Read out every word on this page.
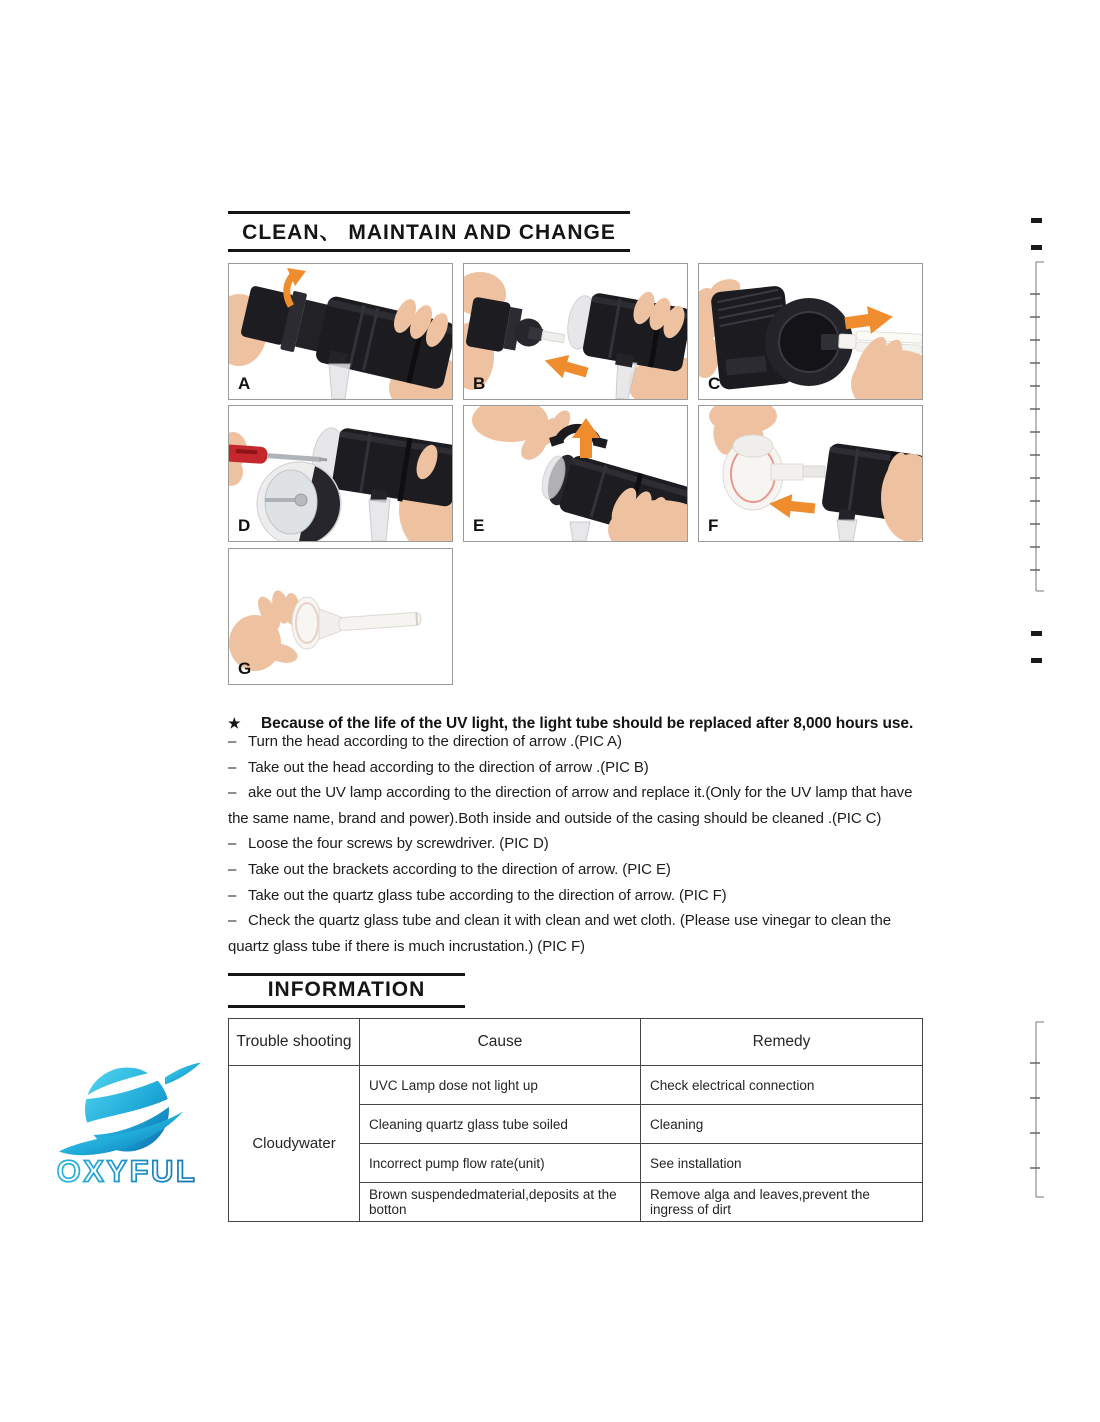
CLEAN、 MAINTAIN AND CHANGE
A	B	C
D	E	F
G

★ Because of the life of the UV light, the light tube should be replaced after 8,000 hours use.

– Turn the head according to the direction of arrow .(PIC A)

– Take out the head according to the direction of arrow .(PIC B)

– ake out the UV lamp according to the direction of arrow and replace it.(Only for the UV lamp that have the same name, brand and power).Both inside and outside of the casing should be cleaned .(PIC C)

– Loose the four screws by screwdriver. (PIC D)

– Take out the brackets according to the direction of arrow. (PIC E)

– Take out the quartz glass tube according to the direction of arrow. (PIC F)

– Check the quartz glass tube and clean it with clean and wet cloth. (Please use vinegar to clean the quartz glass tube if there is much incrustation.) (PIC F)

INFORMATION
Trouble shooting	Cause	Remedy
Cloudywater	UVC Lamp dose not light up	Check electrical connection
	Cleaning quartz glass tube soiled	Cleaning
	Incorrect pump flow rate(unit)	See installation
	Brown suspendedmaterial,deposits at the botton	Remove alga and leaves,prevent the ingress of dirt
OXYFUL
